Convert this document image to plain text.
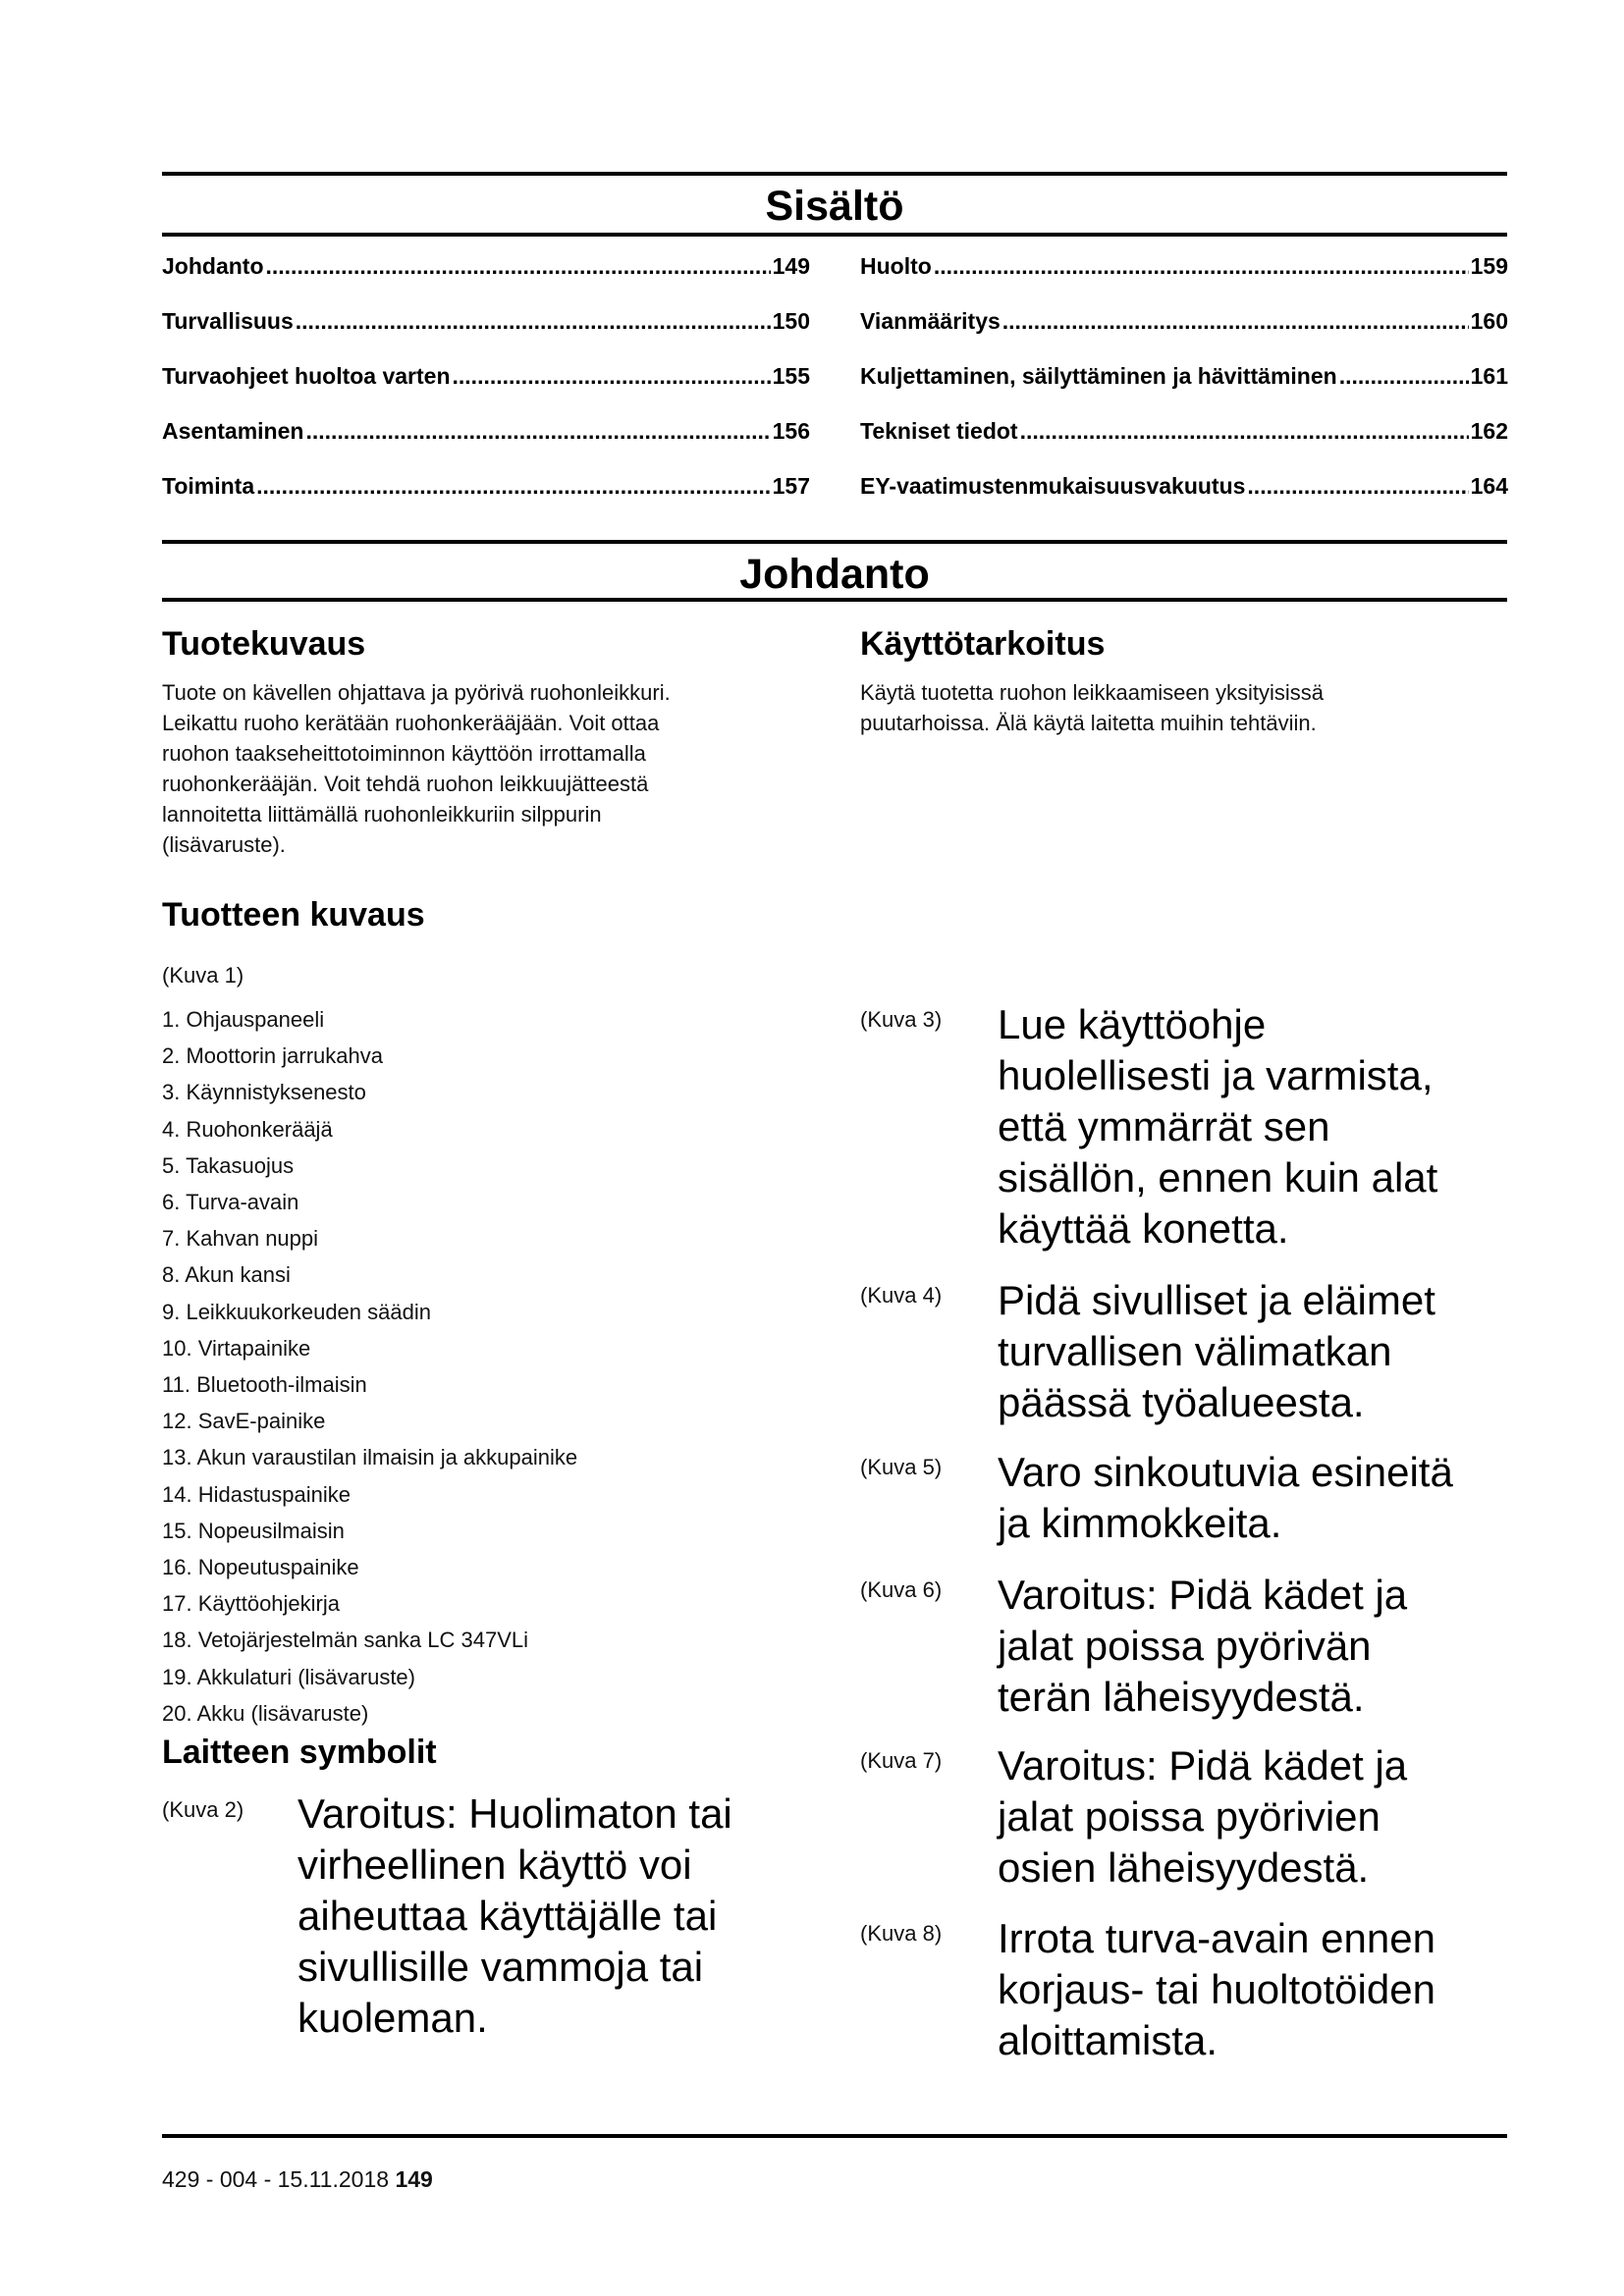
Sisältö
Johdanto .....	149
Turvallisuus .....	150
Turvaohjeet huoltoa varten .....	155
Asentaminen .....	156
Toiminta .....	157
Huolto .....	159
Vianmääritys .....	160
Kuljettaminen, säilyttäminen ja hävittäminen .....	161
Tekniset tiedot .....	162
EY-vaatimustenmukaisuusvakuutus .....	164
Johdanto
Tuotekuvaus
Tuote on kävellen ohjattava ja pyörivä ruohonleikkuri.
Leikattu ruoho kerätään ruohonkerääjään. Voit ottaa
ruohon taakseheittotoiminnon käyttöön irrottamalla
ruohonkerääjän. Voit tehdä ruohon leikkuujätteestä
lannoitetta liittämällä ruohonleikkuriin silppurin
(lisävaruste).
Käyttötarkoitus
Käytä tuotetta ruohon leikkaamiseen yksityisissä
puutarhoissa. Älä käytä laitetta muihin tehtäviin.
Tuotteen kuvaus
(Kuva 1)
1. Ohjauspaneeli
2. Moottorin jarrukahva
3. Käynnistyksenesto
4. Ruohonkerääjä
5. Takasuojus
6. Turva-avain
7. Kahvan nuppi
8. Akun kansi
9. Leikkuukorkeuden säädin
10. Virtapainike
11. Bluetooth-ilmaisin
12. SavE-painike
13. Akun varaustilan ilmaisin ja akkupainike
14. Hidastuspainike
15. Nopeusilmaisin
16. Nopeutuspainike
17. Käyttöohjekirja
18. Vetojärjestelmän sanka LC 347VLi
19. Akkulaturi (lisävaruste)
20. Akku (lisävaruste)
Laitteen symbolit
(Kuva 2) Varoitus: Huolimaton tai
virheellinen käyttö voi
aiheuttaa käyttäjälle tai
sivullisille vammoja tai
kuoleman.
(Kuva 3) Lue käyttöohje
huolellisesti ja varmista,
että ymmärrät sen
sisällön, ennen kuin alat
käyttää konetta.
(Kuva 4) Pidä sivulliset ja eläimet
turvallisen välimatkan
päässä työalueesta.
(Kuva 5) Varo sinkoutuvia esineitä
ja kimmokkeita.
(Kuva 6) Varoitus: Pidä kädet ja
jalat poissa pyörivän
terän läheisyydestä.
(Kuva 7) Varoitus: Pidä kädet ja
jalat poissa pyörivien
osien läheisyydestä.
(Kuva 8) Irrota turva-avain ennen
korjaus- tai huoltotöiden
aloittamista.
429 - 004 - 15.11.2018 149
